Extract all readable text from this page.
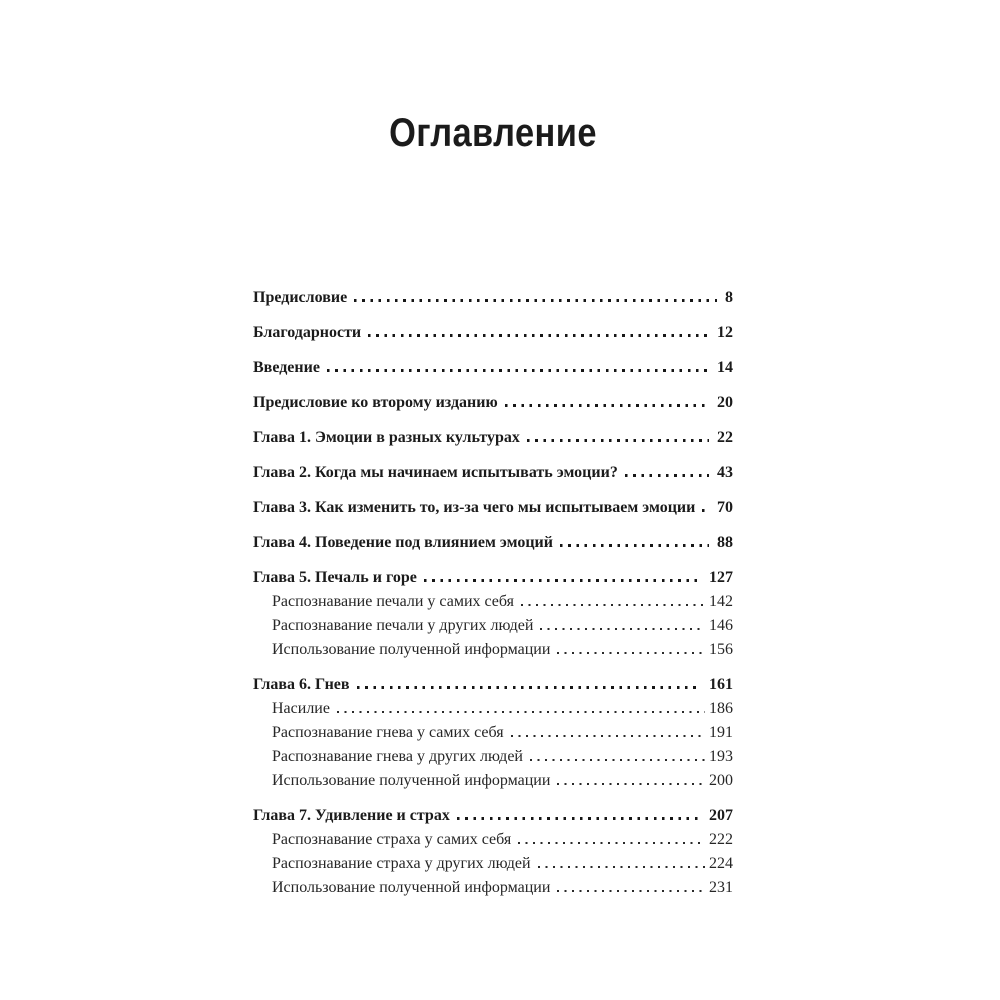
Оглавление
Предисловие	8
Благодарности	12
Введение	14
Предисловие ко второму изданию	20
Глава 1. Эмоции в разных культурах	22
Глава 2. Когда мы начинаем испытывать эмоции?	43
Глава 3. Как изменить то, из-за чего мы испытываем эмоции 70
Глава 4. Поведение под влиянием эмоций	88
Глава 5. Печаль и горе	127
Распознавание печали у самих себя	142
Распознавание печали у других людей	146
Использование полученной информации	156
Глава 6. Гнев	161
Насилие	186
Распознавание гнева у самих себя	191
Распознавание гнева у других людей	193
Использование полученной информации	200
Глава 7. Удивление и страх	207
Распознавание страха у самих себя	222
Распознавание страха у других людей	224
Использование полученной информации	231
